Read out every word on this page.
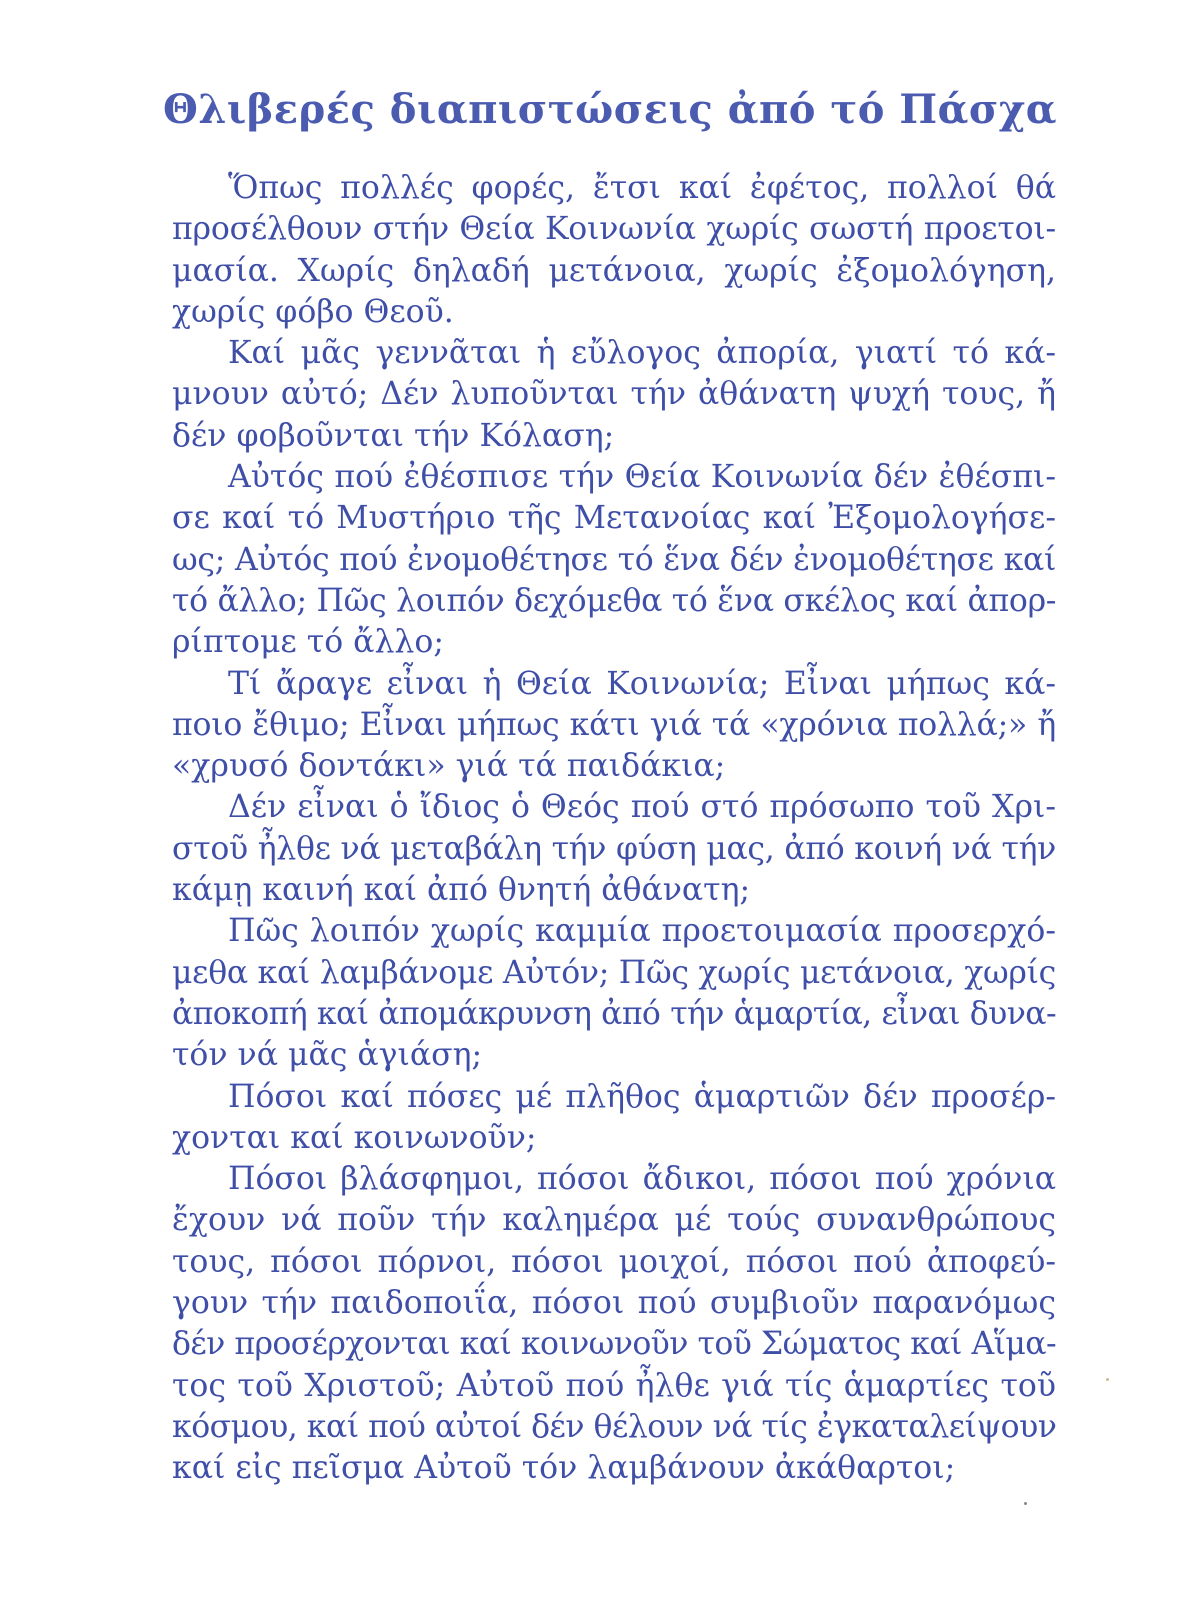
Θλιβερές διαπιστώσεις ἀπό τό Πάσχα
Ὅπως πολλές φορές, ἔτσι καί ἐφέτος, πολλοί θά
προσέλθουν στήν Θεία Κοινωνία χωρίς σωστή προετοι-
μασία. Χωρίς δηλαδή μετάνοια, χωρίς ἐξομολόγηση,
χωρίς φόβο Θεοῦ.
Καί μᾶς γεννᾶται ἡ εὔλογος ἀπορία, γιατί τό κά-
μνουν αὐτό; Δέν λυποῦνται τήν ἀθάνατη ψυχή τους, ἤ
δέν φοβοῦνται τήν Κόλαση;
Αὐτός πού ἐθέσπισε τήν Θεία Κοινωνία δέν ἐθέσπι-
σε καί τό Μυστήριο τῆς Μετανοίας καί Ἐξομολογήσε-
ως; Αὐτός πού ἐνομοθέτησε τό ἕνα δέν ἐνομοθέτησε καί
τό ἄλλο; Πῶς λοιπόν δεχόμεθα τό ἕνα σκέλος καί ἀπορ-
ρίπτομε τό ἄλλο;
Τί ἄραγε εἶναι ἡ Θεία Κοινωνία; Εἶναι μήπως κά-
ποιο ἔθιμο; Εἶναι μήπως κάτι γιά τά «χρόνια πολλά;» ἤ
«χρυσό δοντάκι» γιά τά παιδάκια;
Δέν εἶναι ὁ ἴδιος ὁ Θεός πού στό πρόσωπο τοῦ Χρι-
στοῦ ἦλθε νά μεταβάλη τήν φύση μας, ἀπό κοινή νά τήν
κάμῃ καινή καί ἀπό θνητή ἀθάνατη;
Πῶς λοιπόν χωρίς καμμία προετοιμασία προσερχό-
μεθα καί λαμβάνομε Αὐτόν; Πῶς χωρίς μετάνοια, χωρίς
ἀποκοπή καί ἀπομάκρυνση ἀπό τήν ἁμαρτία, εἶναι δυνα-
τόν νά μᾶς ἁγιάση;
Πόσοι καί πόσες μέ πλῆθος ἁμαρτιῶν δέν προσέρ-
χονται καί κοινωνοῦν;
Πόσοι βλάσφημοι, πόσοι ἄδικοι, πόσοι πού χρόνια
ἔχουν νά ποῦν τήν καλημέρα μέ τούς συνανθρώπους
τους, πόσοι πόρνοι, πόσοι μοιχοί, πόσοι πού ἀποφεύ-
γουν τήν παιδοποιΐα, πόσοι πού συμβιοῦν παρανόμως
δέν προσέρχονται καί κοινωνοῦν τοῦ Σώματος καί Αἵμα-
τος τοῦ Χριστοῦ; Αὐτοῦ πού ἦλθε γιά τίς ἁμαρτίες τοῦ
κόσμου, καί πού αὐτοί δέν θέλουν νά τίς ἐγκαταλείψουν
καί εἰς πεῖσμα Αὐτοῦ τόν λαμβάνουν ἀκάθαρτοι;
